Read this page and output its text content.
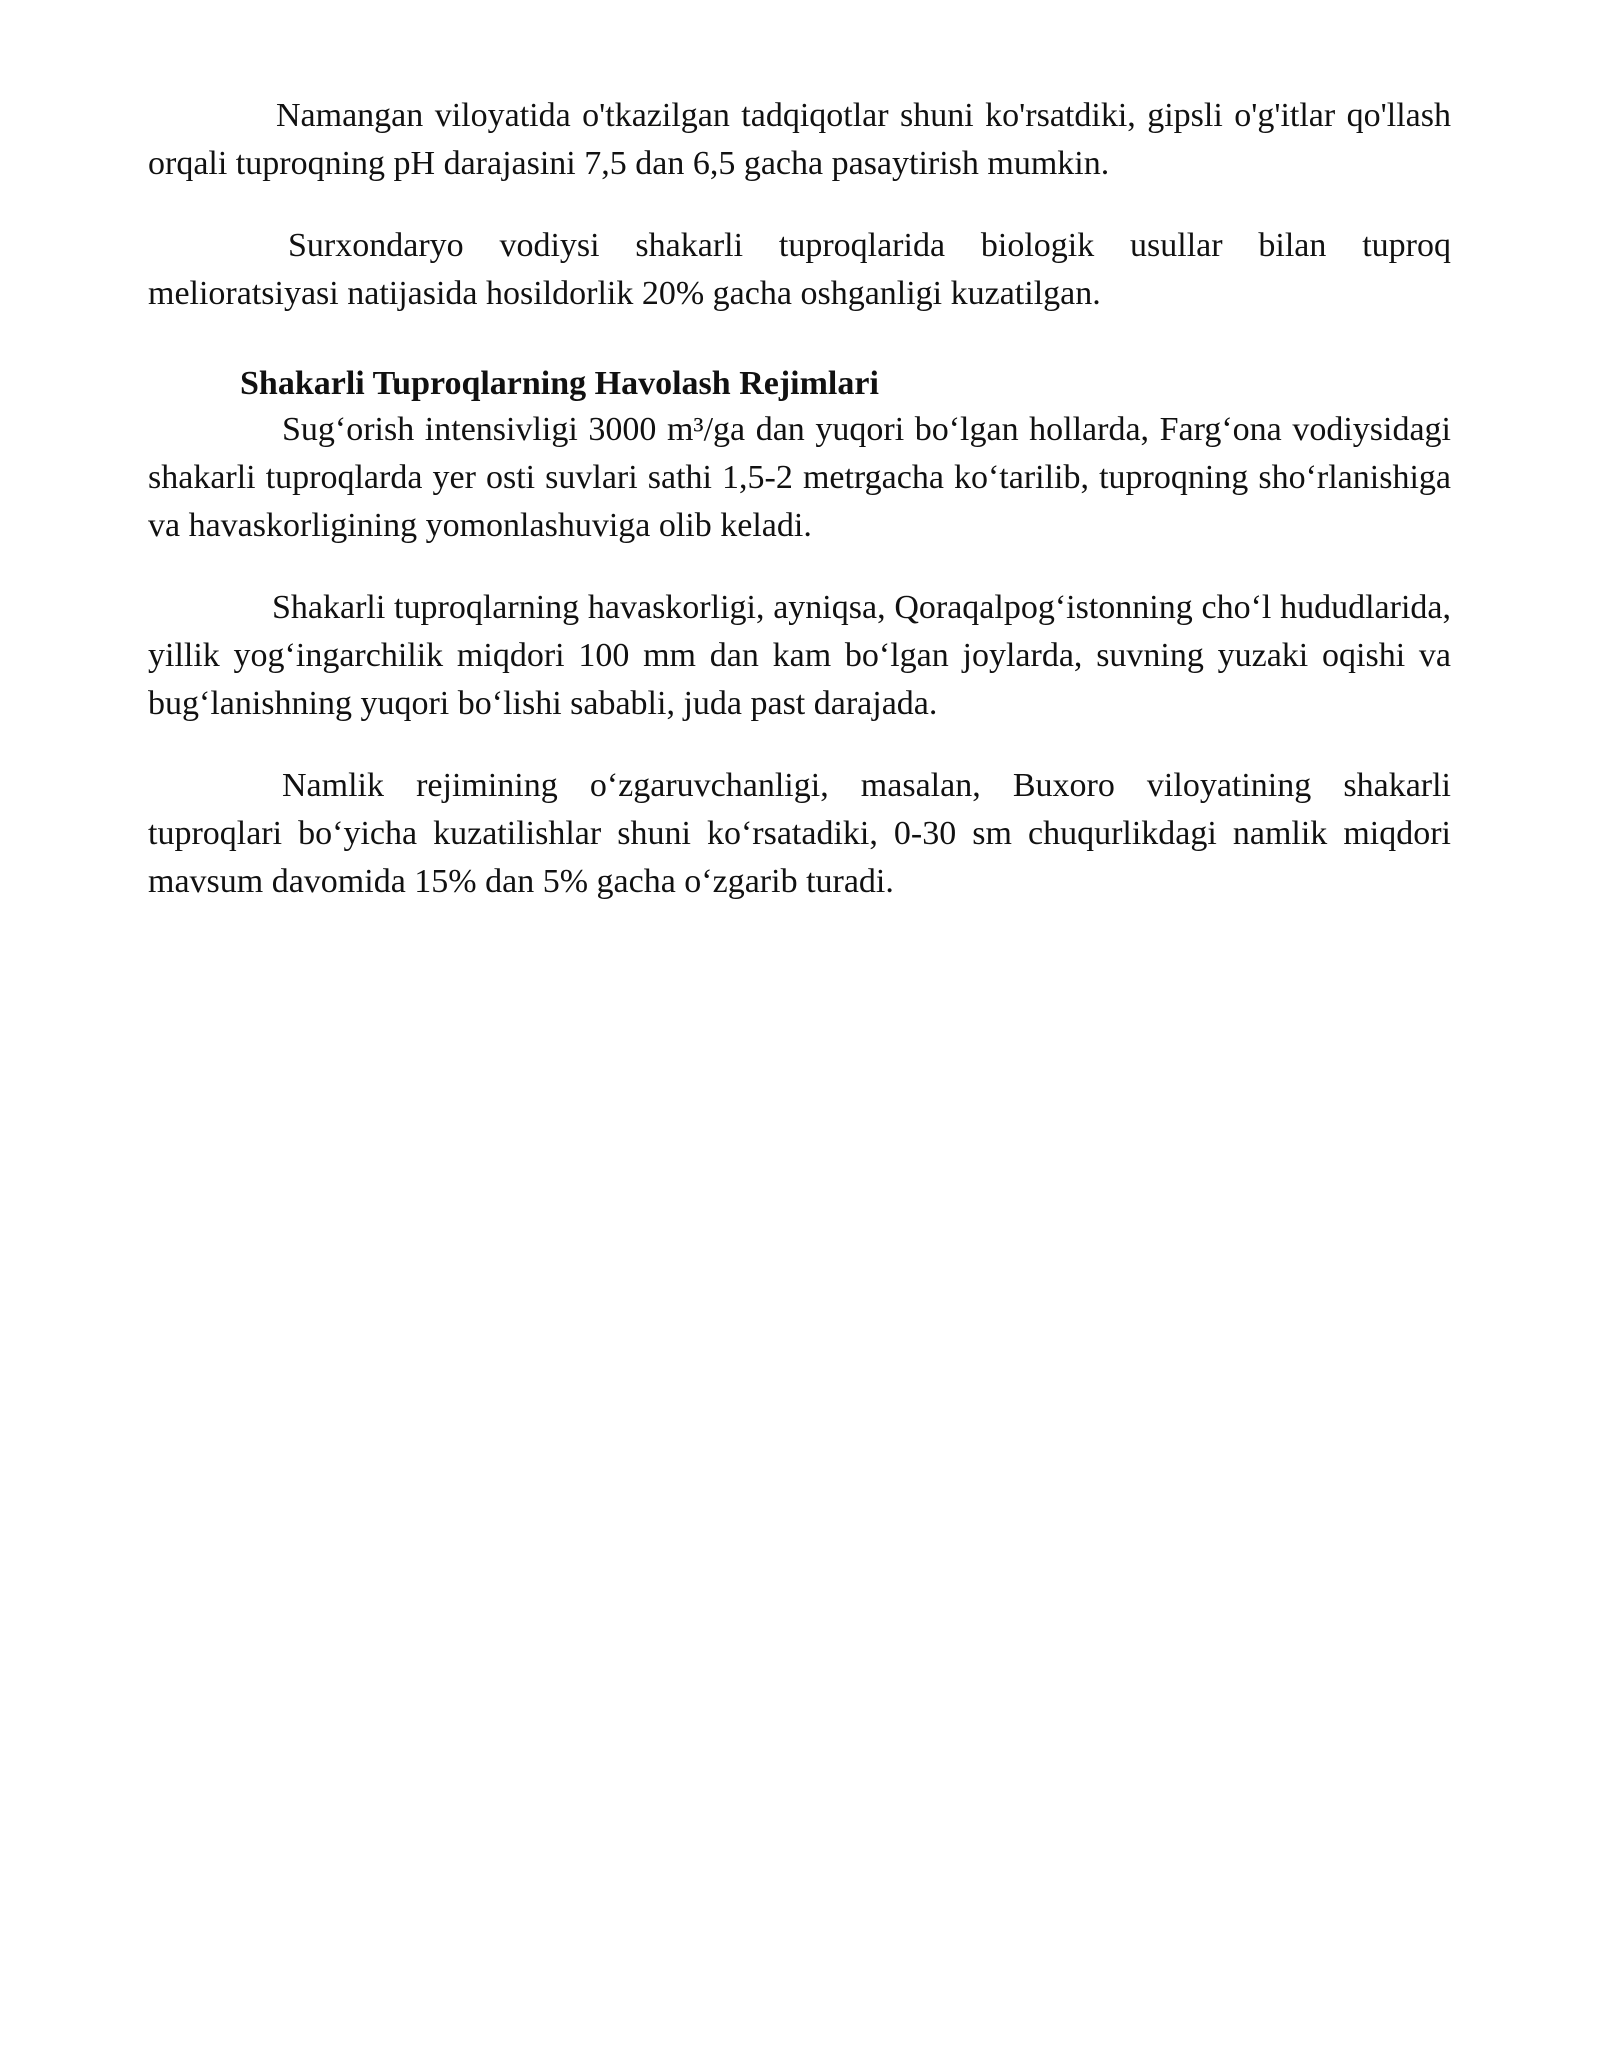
Namangan viloyatida o'tkazilgan tadqiqotlar shuni ko'rsatdiki, gipsli o'g'itlar qo'llash orqali tuproqning pH darajasini 7,5 dan 6,5 gacha pasaytirish mumkin.

Surxondaryo vodiysi shakarli tuproqlarida biologik usullar bilan tuproq melioratsiyasi natijasida hosildorlik 20% gacha oshganligi kuzatilgan.

Shakarli Tuproqlarning Havolash Rejimlari

Sug‘orish intensivligi 3000 m³/ga dan yuqori bo‘lgan hollarda, Farg‘ona vodiysidagi shakarli tuproqlarda yer osti suvlari sathi 1,5-2 metrgacha ko‘tarilib, tuproqning sho‘rlanishiga va havaskorligining yomonlashuviga olib keladi.

Shakarli tuproqlarning havaskorligi, ayniqsa, Qoraqalpog‘istonning cho‘l hududlarida, yillik yog‘ingarchilik miqdori 100 mm dan kam bo‘lgan joylarda, suvning yuzaki oqishi va bug‘lanishning yuqori bo‘lishi sababli, juda past darajada.

Namlik rejimining o‘zgaruvchanligi, masalan, Buxoro viloyatining shakarli tuproqlari bo‘yicha kuzatilishlar shuni ko‘rsatadiki, 0-30 sm chuqurlikdagi namlik miqdori mavsum davomida 15% dan 5% gacha o‘zgarib turadi.
